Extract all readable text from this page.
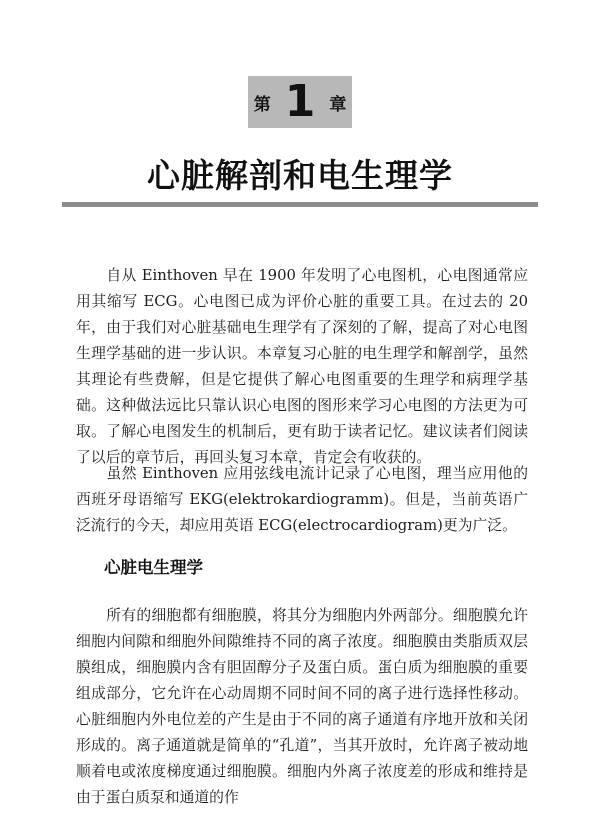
第 1 章
心脏解剖和电生理学

自从 Einthoven 早在 1900 年发明了心电图机，心电图通常应用其缩写 ECG。心电图已成为评价心脏的重要工具。在过去的 20 年，由于我们对心脏基础电生理学有了深刻的了解，提高了对心电图生理学基础的进一步认识。本章复习心脏的电生理学和解剖学，虽然其理论有些费解，但是它提供了解心电图重要的生理学和病理学基础。这种做法远比只靠认识心电图的图形来学习心电图的方法更为可取。了解心电图发生的机制后，更有助于读者记忆。建议读者们阅读了以后的章节后，再回头复习本章，肯定会有收获的。

虽然 Einthoven 应用弦线电流计记录了心电图，理当应用他的西班牙母语缩写 EKG(elektrokardiogramm)。但是，当前英语广泛流行的今天，却应用英语 ECG(electrocardiogram)更为广泛。

心脏电生理学

所有的细胞都有细胞膜，将其分为细胞内外两部分。细胞膜允许细胞内间隙和细胞外间隙维持不同的离子浓度。细胞膜由类脂质双层膜组成，细胞膜内含有胆固醇分子及蛋白质。蛋白质为细胞膜的重要组成部分，它允许在心动周期不同时间不同的离子进行选择性移动。心脏细胞内外电位差的产生是由于不同的离子通道有序地开放和关闭形成的。离子通道就是简单的“孔道”，当其开放时，允许离子被动地顺着电或浓度梯度通过细胞膜。细胞内外离子浓度差的形成和维持是由于蛋白质泵和通道的作
